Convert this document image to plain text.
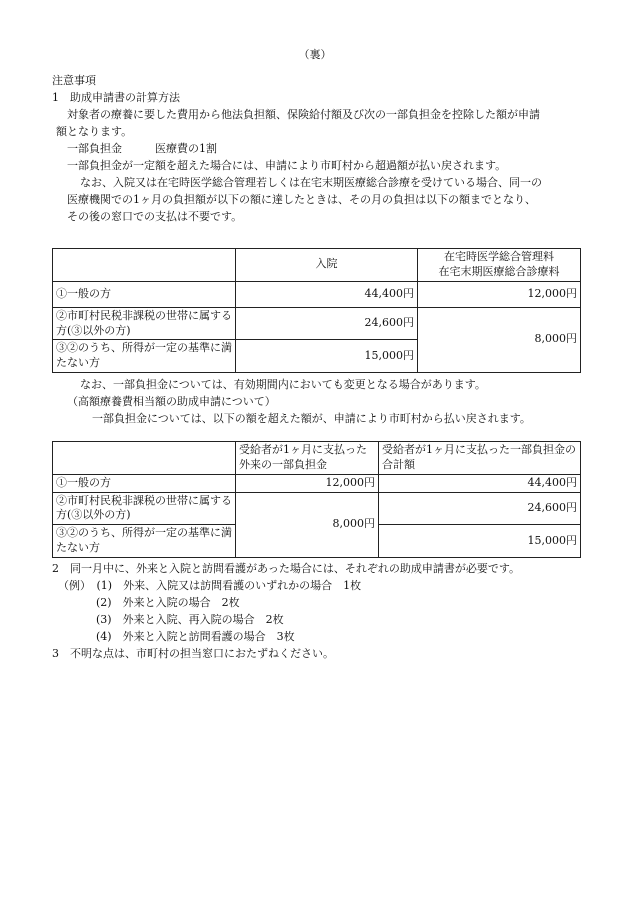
（裏）

注意事項

1　助成申請書の計算方法

対象者の療養に要した費用から他法負担額、保険給付額及び次の一部負担金を控除した額が申請

額となります。

一部負担金　　　医療費の1割

一部負担金が一定額を超えた場合には、申請により市町村から超過額が払い戻されます。

なお、入院又は在宅時医学総合管理若しくは在宅末期医療総合診療を受けている場合、同一の

医療機関での1ヶ月の負担額が以下の額に達したときは、その月の負担は以下の額までとなり、

その後の窓口での支払は不要です。

	入院	在宅時医学総合管理料
在宅末期医療総合診療料
①一般の方	44,400円	12,000円
②市町村民税非課税の世帯に属する方(③以外の方)	24,600円	8,000円
③②のうち、所得が一定の基準に満たない方	15,000円	

なお、一部負担金については、有効期間内においても変更となる場合があります。

（高額療養費相当額の助成申請について）

一部負担金については、以下の額を超えた額が、申請により市町村から払い戻されます。

	受給者が1ヶ月に支払った外来の一部負担金	受給者が1ヶ月に支払った一部負担金の合計額
①一般の方	12,000円	44,400円
②市町村民税非課税の世帯に属する方(③以外の方)	8,000円	24,600円
③②のうち、所得が一定の基準に満たない方		15,000円

2　同一月中に、外来と入院と訪問看護があった場合には、それぞれの助成申請書が必要です。

（例）　(1)　外来、入院又は訪問看護のいずれかの場合　1枚

(2)　外来と入院の場合　2枚

(3)　外来と入院、再入院の場合　2枚

(4)　外来と入院と訪問看護の場合　3枚

3　不明な点は、市町村の担当窓口におたずねください。
